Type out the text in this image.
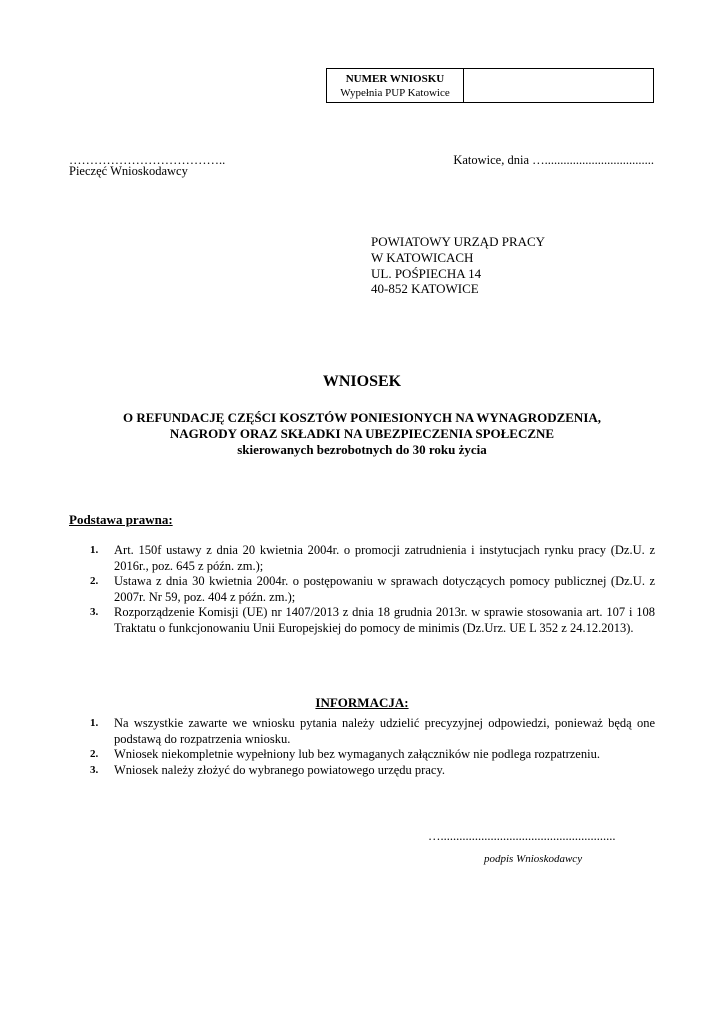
NUMER WNIOSKU
Wypełnia PUP Katowice
………………………………..
Pieczęć Wnioskodawcy
Katowice, dnia …...................................
POWIATOWY URZĄD PRACY
W KATOWICACH
UL. POŚPIECHA 14
40-852 KATOWICE
WNIOSEK
O REFUNDACJĘ CZĘŚCI KOSZTÓW PONIESIONYCH NA WYNAGRODZENIA,
NAGRODY ORAZ SKŁADKI NA UBEZPIECZENIA SPOŁECZNE
skierowanych bezrobotnych do 30 roku życia
Podstawa prawna:
1. Art. 150f ustawy z dnia 20 kwietnia 2004r. o promocji zatrudnienia i instytucjach rynku pracy (Dz.U. z 2016r., poz. 645 z późn. zm.);
2. Ustawa z dnia 30 kwietnia 2004r. o postępowaniu w sprawach dotyczących pomocy publicznej (Dz.U. z 2007r. Nr 59, poz. 404 z późn. zm.);
3. Rozporządzenie Komisji (UE) nr 1407/2013 z dnia 18 grudnia 2013r. w sprawie stosowania art. 107 i 108 Traktatu o funkcjonowaniu Unii Europejskiej do pomocy de minimis (Dz.Urz. UE L 352 z 24.12.2013).
INFORMACJA:
1. Na wszystkie zawarte we wniosku pytania należy udzielić precyzyjnej odpowiedzi, ponieważ będą one podstawą do rozpatrzenia wniosku.
2. Wniosek niekompletnie wypełniony lub bez wymaganych załączników nie podlega rozpatrzeniu.
3. Wniosek należy złożyć do wybranego powiatowego urzędu pracy.
…........................................................
podpis Wnioskodawcy
